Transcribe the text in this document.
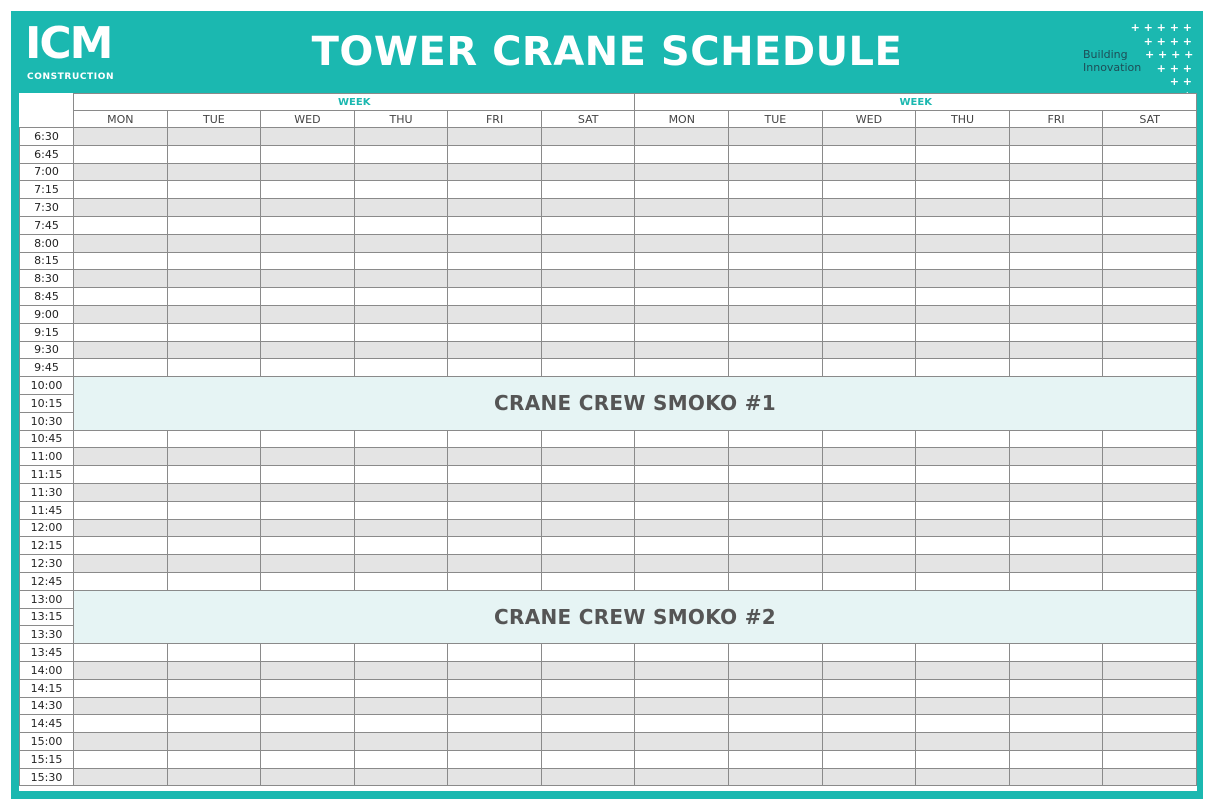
ICM
CONSTRUCTION
TOWER CRANE SCHEDULE	Building
Innovation
+ + + + +
+ + + +
+ + + +
+ + +
+ +

	WEEK						WEEK					
	MON	TUE	WED	THU	FRI	SAT	MON	TUE	WED	THU	FRI	SAT
6:30												
6:45												
7:00												
7:15												
7:30												
7:45												
8:00												
8:15												
8:30												
8:45												
9:00												
9:15												
9:30												
9:45												
10:00	CRANE CREW SMOKO #1											
10:15												
10:30												
10:45												
11:00												
11:15												
11:30												
11:45												
12:00												
12:15												
12:30												
12:45												
13:00	CRANE CREW SMOKO #2											
13:15												
13:30												
13:45												
14:00												
14:15												
14:30												
14:45												
15:00												
15:15												
15:30												
